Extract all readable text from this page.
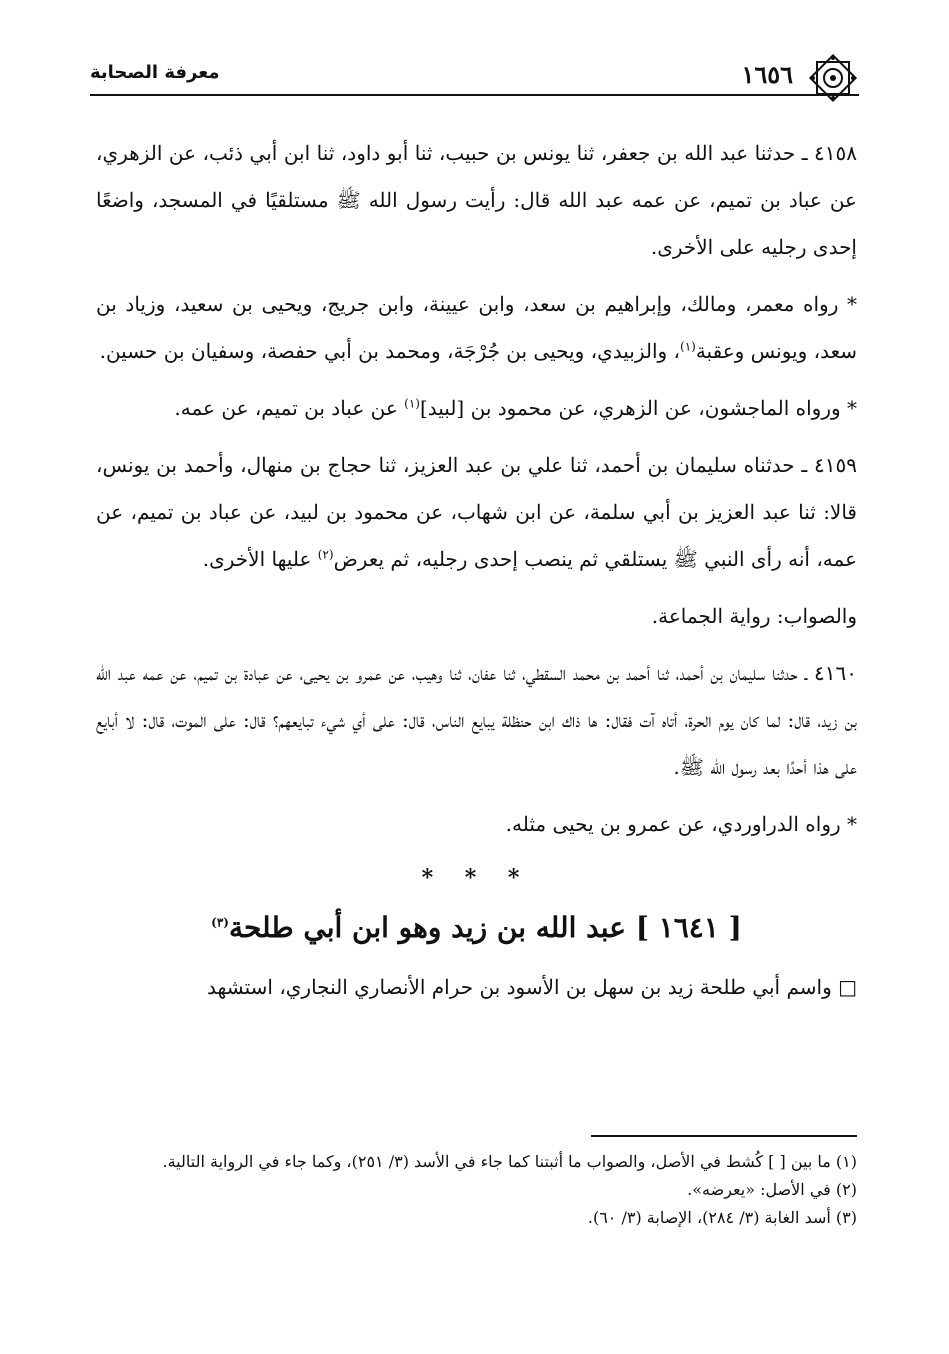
١٦٥٦
معرفة الصحابة

٤١٥٨ ـ حدثنا عبد الله بن جعفر، ثنا يونس بن حبيب، ثنا أبو داود، ثنا ابن أبي ذئب، عن الزهري، عن عباد بن تميم، عن عمه عبد الله قال: رأيت رسول الله ﷺ مستلقيًا في المسجد، واضعًا إحدى رجليه على الأخرى.

* رواه معمر، ومالك، وإبراهيم بن سعد، وابن عيينة، وابن جريج، ويحيى بن سعيد، وزياد بن سعد، ويونس وعقبة$^{(١)}$، والزبيدي، ويحيى بن جُرْجَة، ومحمد بن أبي حفصة، وسفيان بن حسين.

* ورواه الماجشون، عن الزهري، عن محمود بن [لبيد]$^{(١)}$ عن عباد بن تميم، عن عمه.

٤١٥٩ ـ حدثناه سليمان بن أحمد، ثنا علي بن عبد العزيز، ثنا حجاج بن منهال، وأحمد بن يونس، قالا: ثنا عبد العزيز بن أبي سلمة، عن ابن شهاب، عن محمود بن لبيد، عن عباد بن تميم، عن عمه، أنه رأى النبي ﷺ يستلقي ثم ينصب إحدى رجليه، ثم يعرض$^{(٢)}$ عليها الأخرى.

والصواب: رواية الجماعة.

٤١٦٠ ـ حدثنا سليمان بن أحمد، ثنا أحمد بن محمد السقطي، ثنا عفان، ثنا وهيب، عن عمرو بن يحيى، عن عبادة بن تميم، عن عمه عبد الله بن زيد، قال: لما كان يوم الحرة، أتاه آت فقال: ها ذاك ابن حنظلة يبايع الناس، قال: على أي شيء تبايعهم؟ قال: على الموت، قال: لا أبايع على هذا أحدًا بعد رسول الله ﷺ.

* رواه الدراوردي، عن عمرو بن يحيى مثله.

* * *
[ ١٦٤١ ] عبد الله بن زيد وهو ابن أبي طلحة$^{(٣)}$

□ واسم أبي طلحة زيد بن سهل بن الأسود بن حرام الأنصاري النجاري، استشهد

(١) ما بين [ ] كُشط في الأصل، والصواب ما أثبتنا كما جاء في الأسد (٣/ ٢٥١)، وكما جاء في الرواية التالية.

(٢) في الأصل: «يعرضه».

(٣) أسد الغابة (٣/ ٢٨٤)، الإصابة (٣/ ٦٠).
